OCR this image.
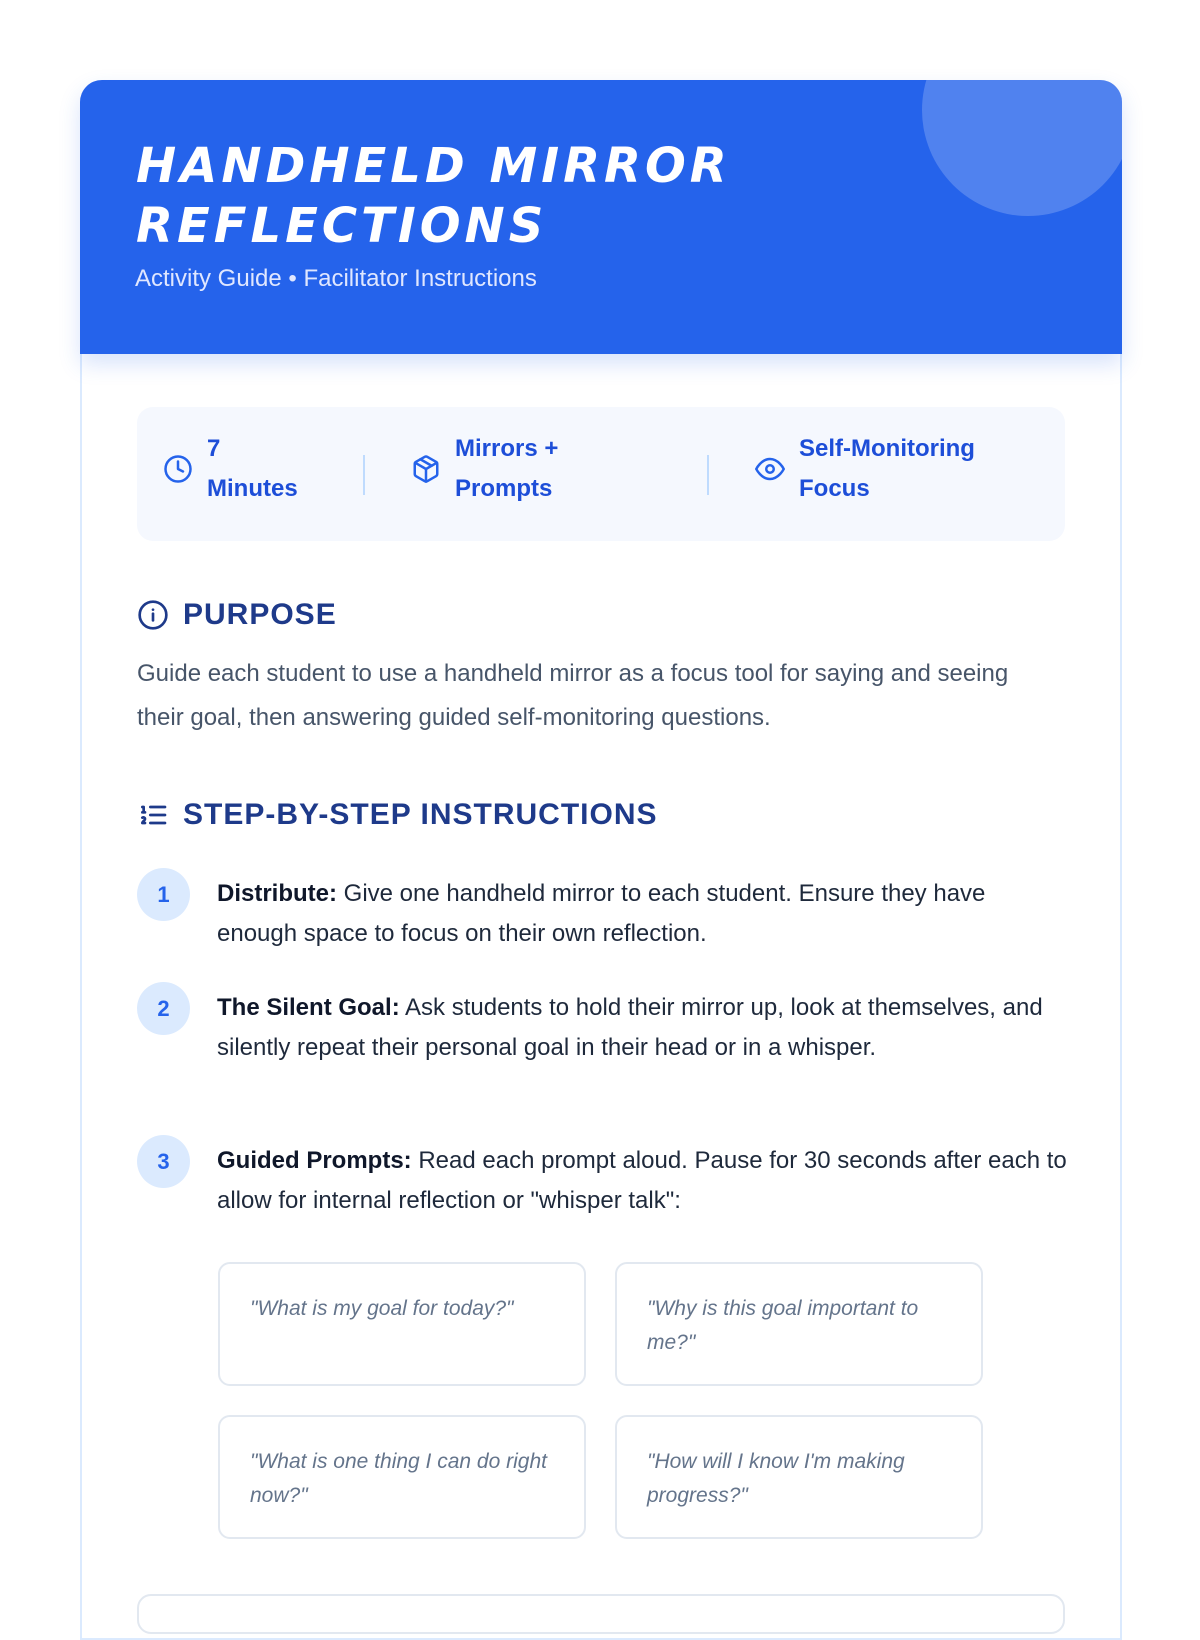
HANDHELD MIRROR REFLECTIONS
Activity Guide • Facilitator Instructions
7
Minutes
Mirrors +
Prompts
Self-Monitoring
Focus
PURPOSE
Guide each student to use a handheld mirror as a focus tool for saying and seeing their goal, then answering guided self-monitoring questions.
STEP-BY-STEP INSTRUCTIONS
1	Distribute: Give one handheld mirror to each student. Ensure they have enough space to focus on their own reflection.
2	The Silent Goal: Ask students to hold their mirror up, look at themselves, and silently repeat their personal goal in their head or in a whisper.
3	Guided Prompts: Read each prompt aloud. Pause for 30 seconds after each to allow for internal reflection or "whisper talk":
"What is my goal for today?"	"Why is this goal important to me?"
"What is one thing I can do right now?"
"How will I know I'm making progress?"
